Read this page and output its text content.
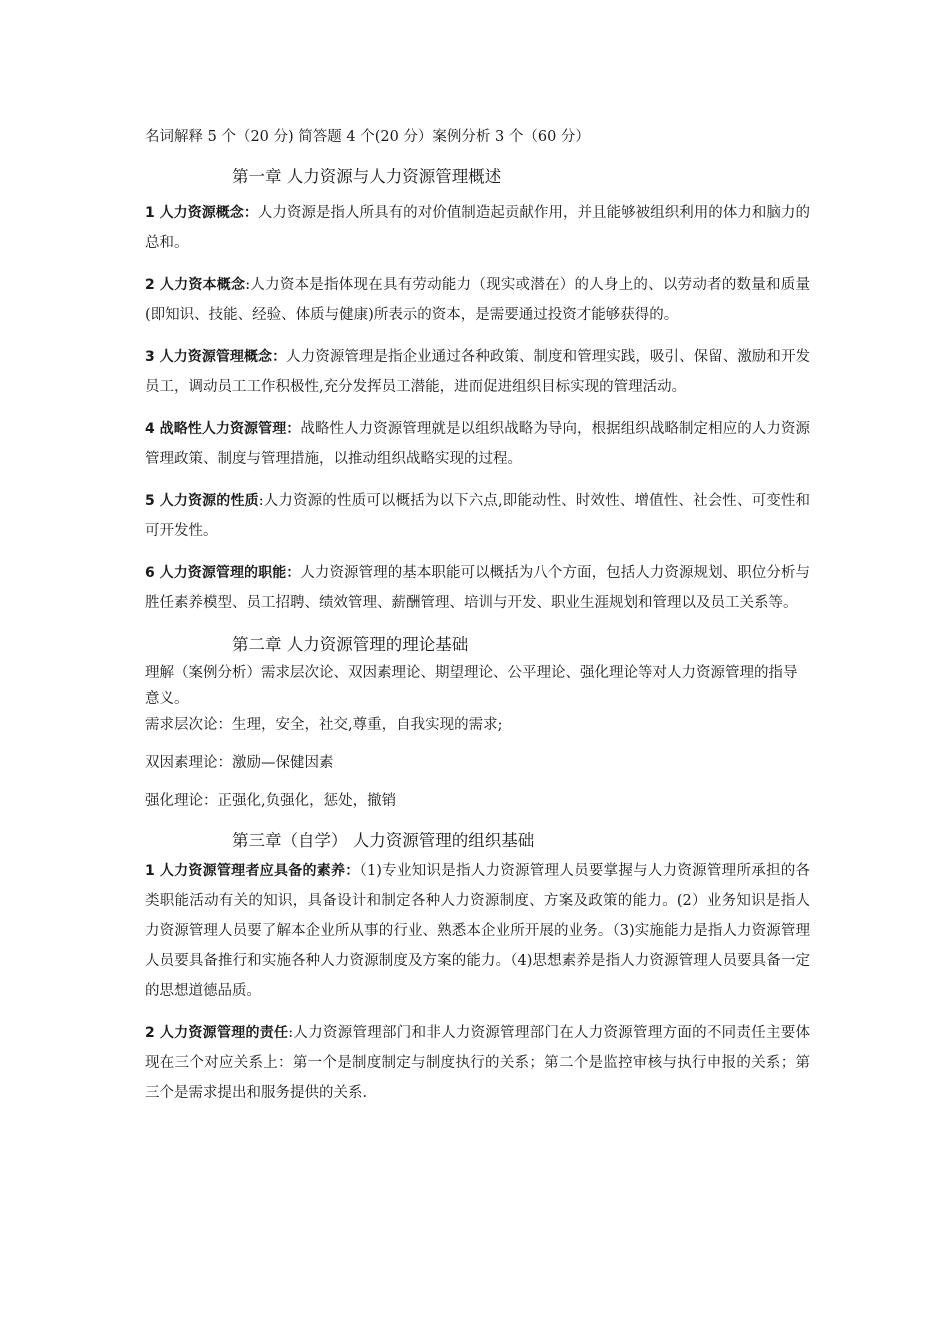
名词解释 5 个（20 分) 简答题 4 个(20 分）案例分析 3 个（60 分）

第一章 人力资源与人力资源管理概述

1 人力资源概念：人力资源是指人所具有的对价值制造起贡献作用，并且能够被组织利用的体力和脑力的总和。

2 人力资本概念:人力资本是指体现在具有劳动能力（现实或潜在）的人身上的、以劳动者的数量和质量(即知识、技能、经验、体质与健康)所表示的资本，是需要通过投资才能够获得的。

3 人力资源管理概念：人力资源管理是指企业通过各种政策、制度和管理实践，吸引、保留、激励和开发员工，调动员工工作积极性,充分发挥员工潜能，进而促进组织目标实现的管理活动。

4 战略性人力资源管理：战略性人力资源管理就是以组织战略为导向，根据组织战略制定相应的人力资源管理政策、制度与管理措施，以推动组织战略实现的过程。

5 人力资源的性质:人力资源的性质可以概括为以下六点,即能动性、时效性、增值性、社会性、可变性和可开发性。

6 人力资源管理的职能：人力资源管理的基本职能可以概括为八个方面，包括人力资源规划、职位分析与胜任素养模型、员工招聘、绩效管理、薪酬管理、培训与开发、职业生涯规划和管理以及员工关系等。

第二章 人力资源管理的理论基础

理解（案例分析）需求层次论、双因素理论、期望理论、公平理论、强化理论等对人力资源管理的指导意义。

需求层次论：生理，安全，社交,尊重，自我实现的需求;

双因素理论：激励—保健因素

强化理论：正强化,负强化，惩处，撤销

第三章（自学） 人力资源管理的组织基础

1 人力资源管理者应具备的素养：（1)专业知识是指人力资源管理人员要掌握与人力资源管理所承担的各类职能活动有关的知识，具备设计和制定各种人力资源制度、方案及政策的能力。(2）业务知识是指人力资源管理人员要了解本企业所从事的行业、熟悉本企业所开展的业务。（3)实施能力是指人力资源管理人员要具备推行和实施各种人力资源制度及方案的能力。（4)思想素养是指人力资源管理人员要具备一定的思想道德品质。

2 人力资源管理的责任:人力资源管理部门和非人力资源管理部门在人力资源管理方面的不同责任主要体现在三个对应关系上：第一个是制度制定与制度执行的关系；第二个是监控审核与执行申报的关系；第三个是需求提出和服务提供的关系.
